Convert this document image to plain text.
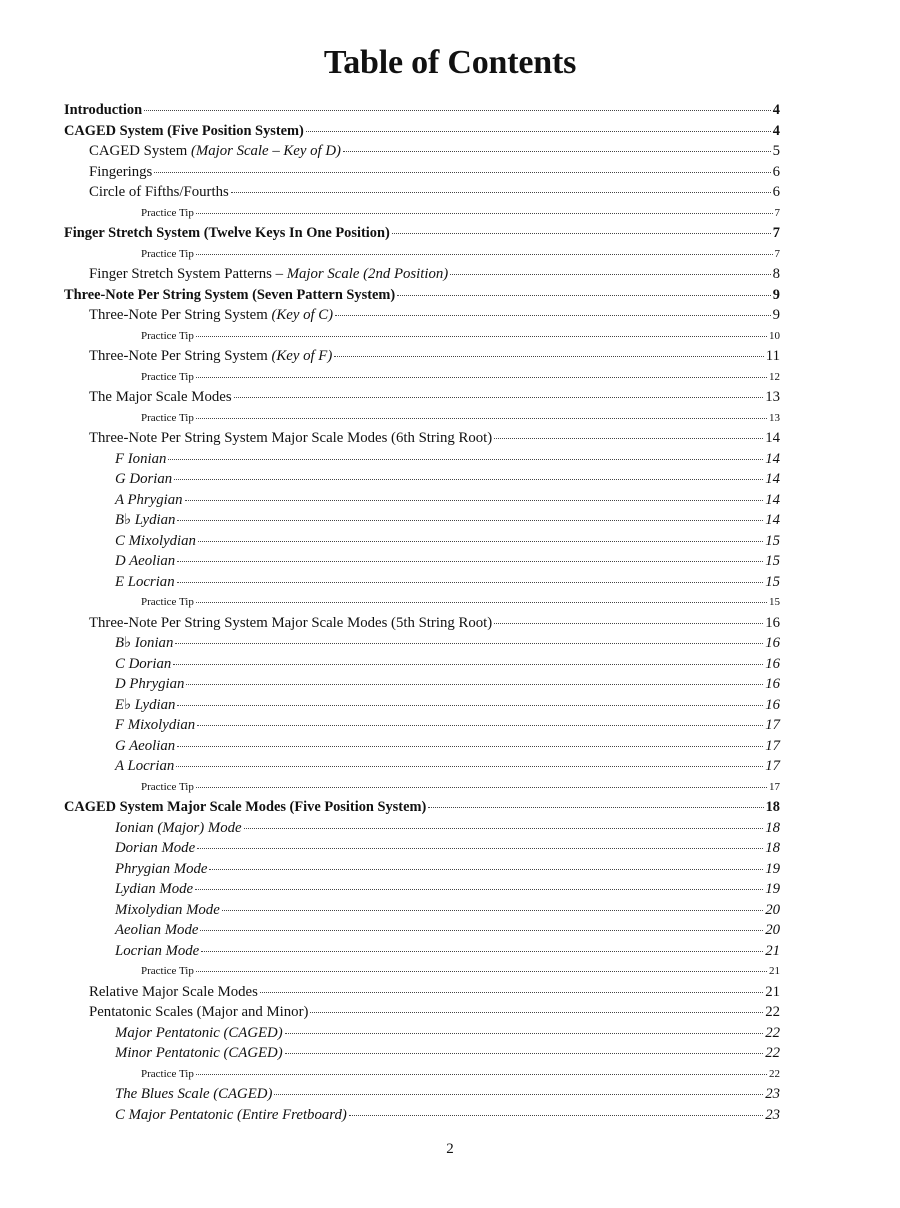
Table of Contents
Introduction	4
CAGED System (Five Position System)	4
CAGED System (Major Scale – Key of D)	5
Fingerings	6
Circle of Fifths/Fourths	6
Practice Tip	7
Finger Stretch System (Twelve Keys In One Position)	7
Practice Tip	7
Finger Stretch System Patterns – Major Scale (2nd Position)	8
Three-Note Per String System (Seven Pattern System)	9
Three-Note Per String System (Key of C)	9
Practice Tip	10
Three-Note Per String System (Key of F)	11
Practice Tip	12
The Major Scale Modes	13
Practice Tip	13
Three-Note Per String System Major Scale Modes (6th String Root)	14
F Ionian	14
G Dorian	14
A Phrygian	14
B♭ Lydian	14
C Mixolydian	15
D Aeolian	15
E Locrian	15
Practice Tip	15
Three-Note Per String System Major Scale Modes (5th String Root)	16
B♭ Ionian	16
C Dorian	16
D Phrygian	16
E♭ Lydian	16
F Mixolydian	17
G Aeolian	17
A Locrian	17
Practice Tip	17
CAGED System Major Scale Modes (Five Position System)	18
Ionian (Major) Mode	18
Dorian Mode	18
Phrygian Mode	19
Lydian Mode	19
Mixolydian Mode	20
Aeolian Mode	20
Locrian Mode	21
Practice Tip	21
Relative Major Scale Modes	21
Pentatonic Scales (Major and Minor)	22
Major Pentatonic (CAGED)	22
Minor Pentatonic (CAGED)	22
Practice Tip	22
The Blues Scale (CAGED)	23
C Major Pentatonic (Entire Fretboard)	23
2
